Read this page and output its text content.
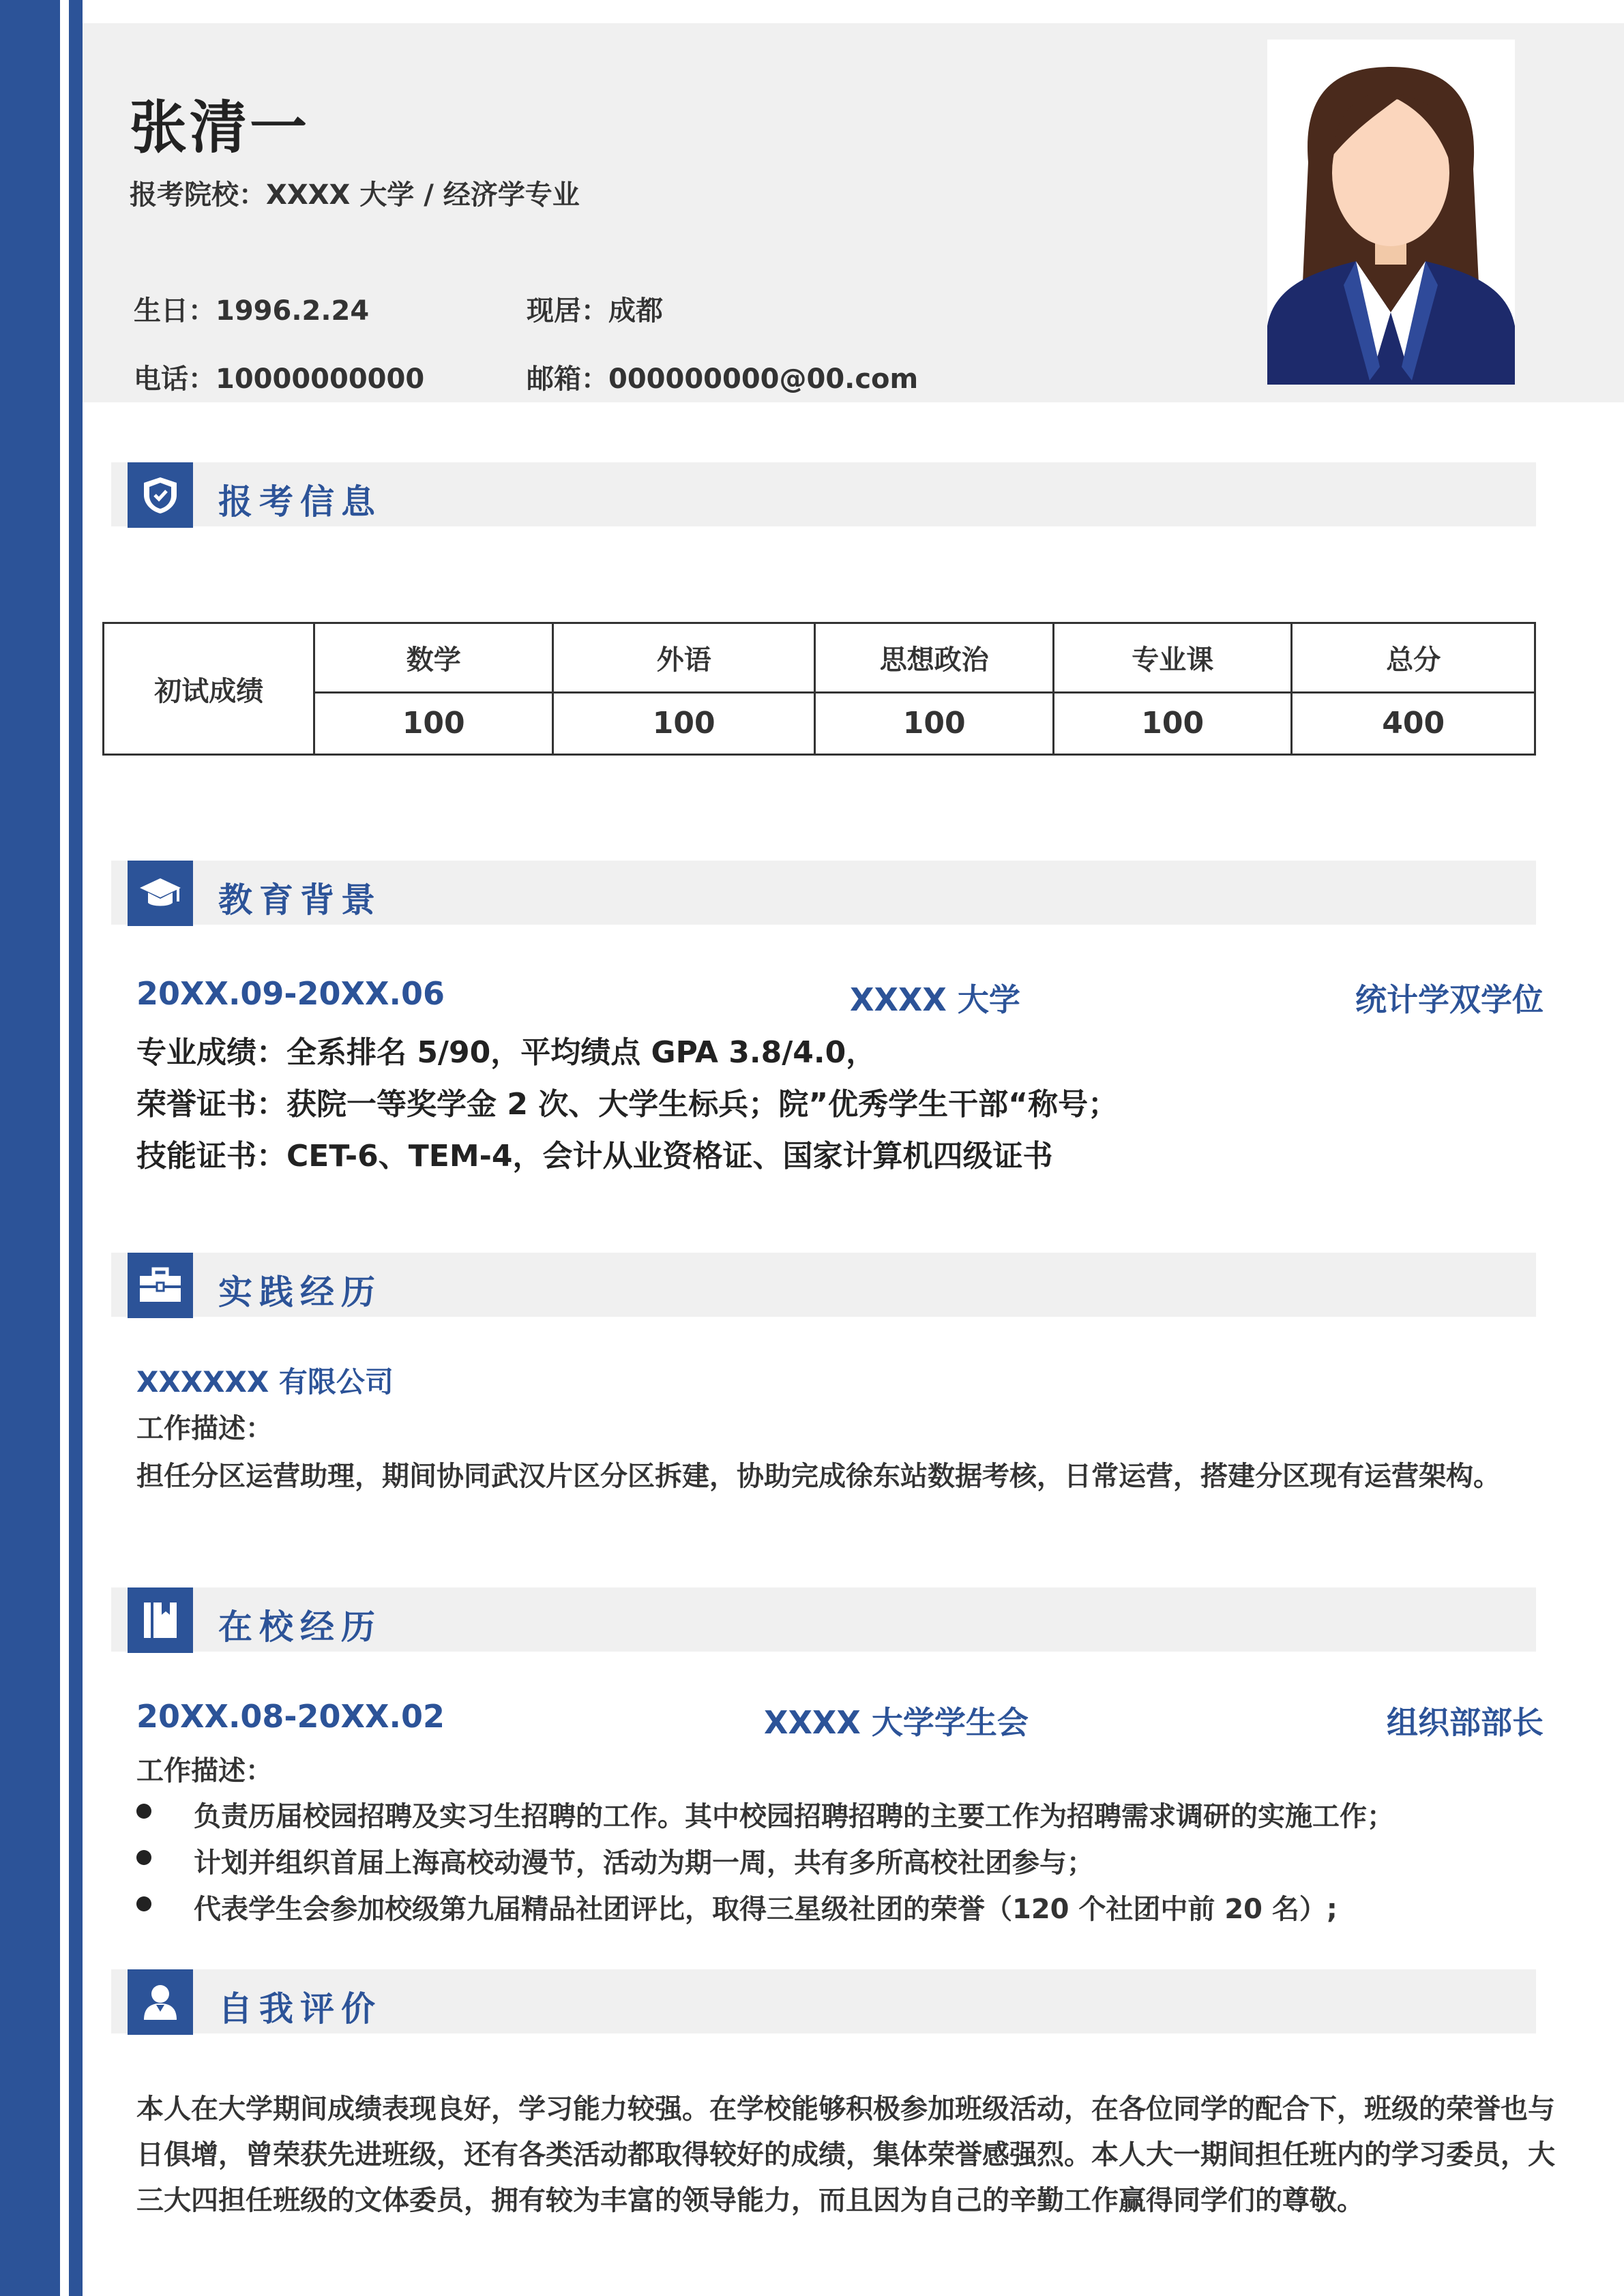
张清一
报考院校：XXXX 大学 / 经济学专业
生日：1996.2.24	现居：成都
电话：10000000000	邮箱：000000000@00.com
报考信息
初试成绩	数学	外语	思想政治	专业课	总分
	100	100	100	100	400
教育背景
20XX.09-20XX.06	XXXX 大学	统计学双学位
专业成绩：全系排名 5/90，平均绩点 GPA 3.8/4.0，
荣誉证书：获院一等奖学金 2 次、大学生标兵；院”优秀学生干部“称号；
技能证书：CET-6、TEM-4，会计从业资格证、国家计算机四级证书
实践经历
XXXXXX 有限公司
工作描述：
担任分区运营助理，期间协同武汉片区分区拆建，协助完成徐东站数据考核，日常运营，搭建分区现有运营架构。
在校经历
20XX.08-20XX.02	XXXX 大学学生会	组织部部长
工作描述：
负责历届校园招聘及实习生招聘的工作。其中校园招聘招聘的主要工作为招聘需求调研的实施工作；
计划并组织首届上海高校动漫节，活动为期一周，共有多所高校社团参与；
代表学生会参加校级第九届精品社团评比，取得三星级社团的荣誉（120 个社团中前 20 名）;
自我评价
本人在大学期间成绩表现良好，学习能力较强。在学校能够积极参加班级活动，在各位同学的配合下，班级的荣誉也与日俱增，曾荣获先进班级，还有各类活动都取得较好的成绩，集体荣誉感强烈。本人大一期间担任班内的学习委员，大三大四担任班级的文体委员，拥有较为丰富的领导能力，而且因为自己的辛勤工作赢得同学们的尊敬。
